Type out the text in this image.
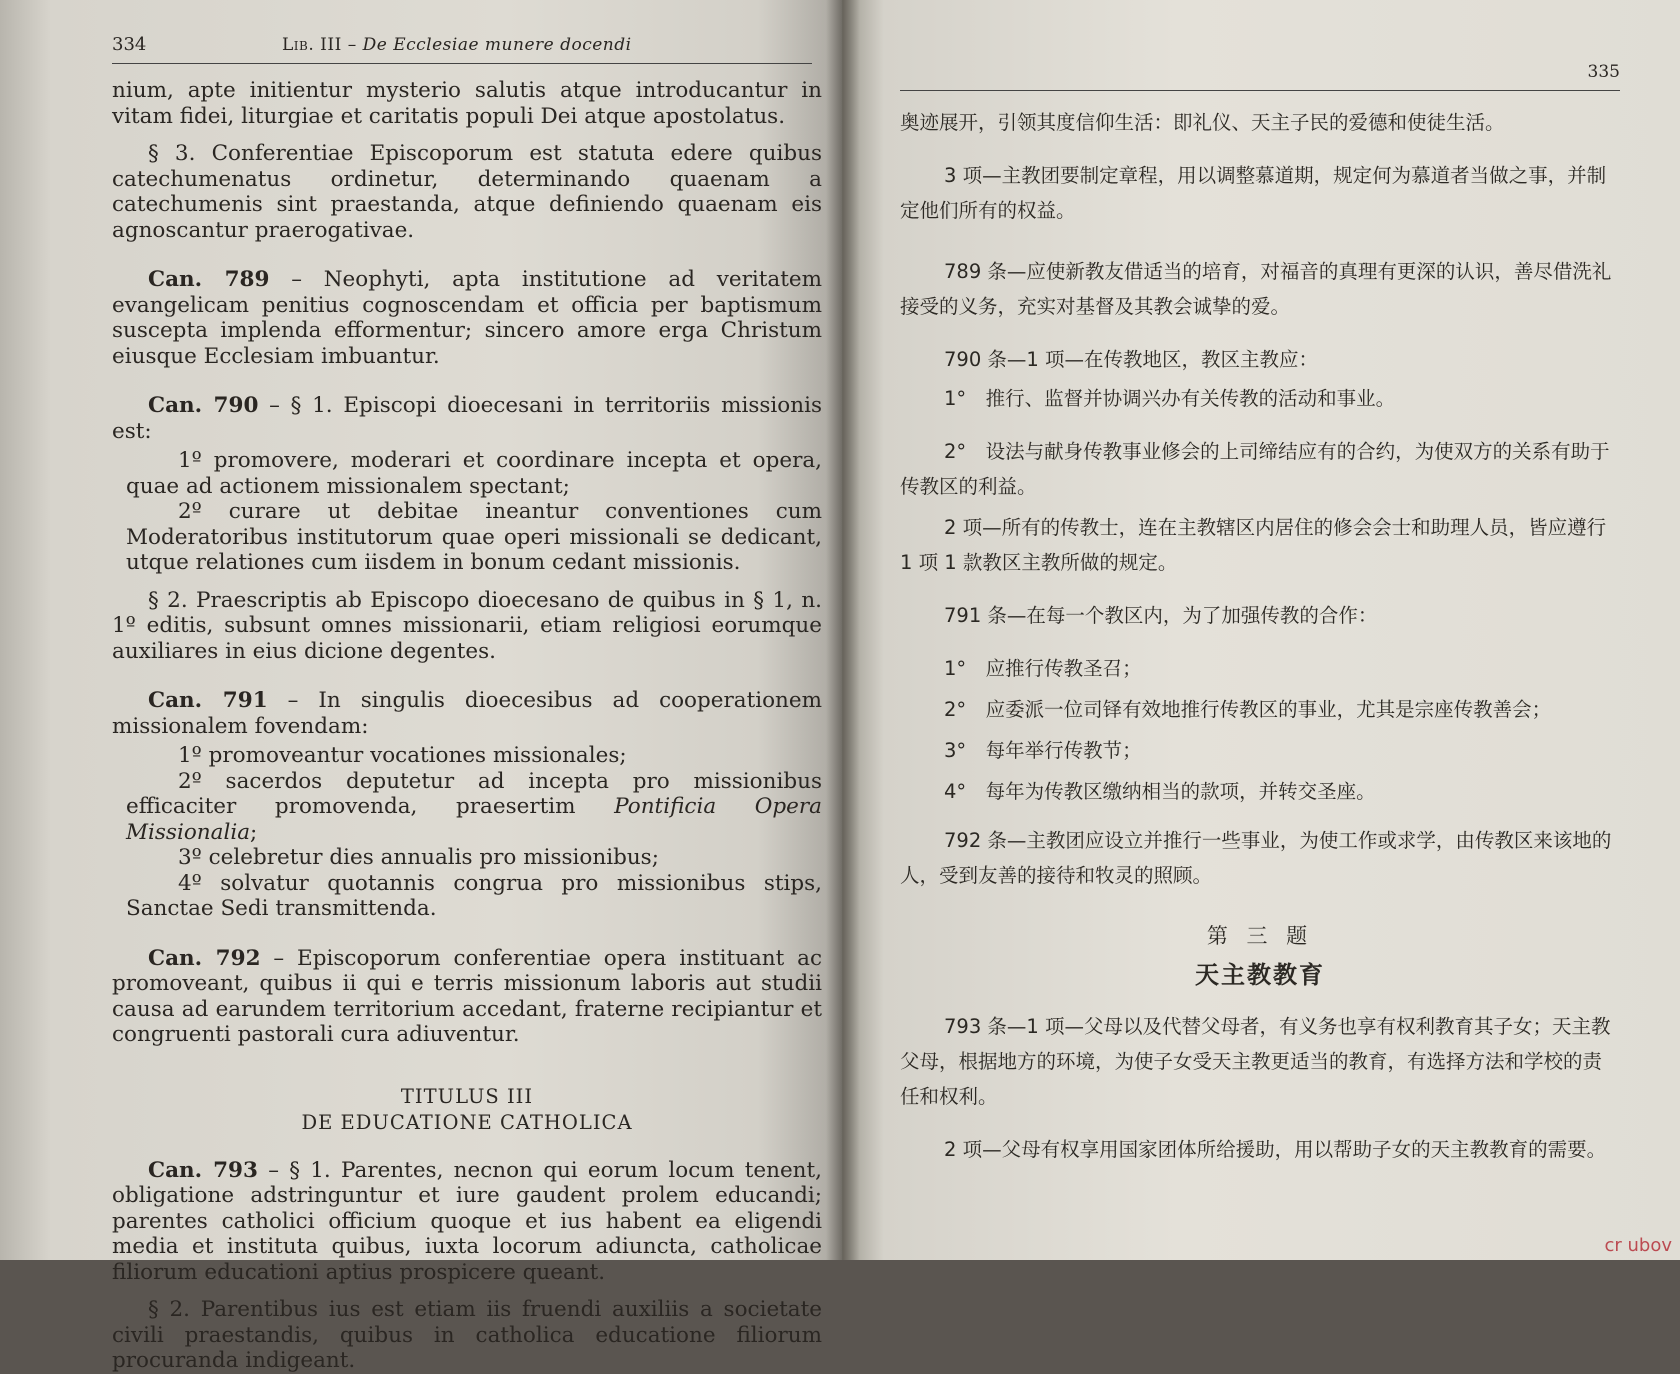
334	Lib. III – De Ecclesiae munere docendi

nium, apte initientur mysterio salutis atque introducantur in vitam fidei, liturgiae et caritatis populi Dei atque apostolatus.

§ 3. Conferentiae Episcoporum est statuta edere quibus catechumenatus ordinetur, determinando quaenam a catechumenis sint praestanda, atque definiendo quaenam eis agnoscantur praerogativae.

Can. 789 – Neophyti, apta institutione ad veritatem evangelicam penitius cognoscendam et officia per baptismum suscepta implenda efformentur; sincero amore erga Christum eiusque Ecclesiam imbuantur.

Can. 790 – § 1. Episcopi dioecesani in territoriis missionis est:

1º promovere, moderari et coordinare incepta et opera, quae ad actionem missionalem spectant;

2º curare ut debitae ineantur conventiones cum Moderatoribus institutorum quae operi missionali se dedicant, utque relationes cum iisdem in bonum cedant missionis.

§ 2. Praescriptis ab Episcopo dioecesano de quibus in § 1, n. 1º editis, subsunt omnes missionarii, etiam religiosi eorumque auxiliares in eius dicione degentes.

Can. 791 – In singulis dioecesibus ad cooperationem missionalem fovendam:

1º promoveantur vocationes missionales;

2º sacerdos deputetur ad incepta pro missionibus efficaciter promovenda, praesertim Pontificia Opera Missionalia;

3º celebretur dies annualis pro missionibus;

4º solvatur quotannis congrua pro missionibus stips, Sanctae Sedi transmittenda.

Can. 792 – Episcoporum conferentiae opera instituant ac promoveant, quibus ii qui e terris missionum laboris aut studii causa ad earundem territorium accedant, fraterne recipiantur et congruenti pastorali cura adiuventur.

TITULUS III
DE EDUCATIONE CATHOLICA

Can. 793 – § 1. Parentes, necnon qui eorum locum tenent, obligatione adstringuntur et iure gaudent prolem educandi; parentes catholici officium quoque et ius habent ea eligendi media et instituta quibus, iuxta locorum adiuncta, catholicae filiorum educationi aptius prospicere queant.

§ 2. Parentibus ius est etiam iis fruendi auxiliis a societate civili praestandis, quibus in catholica educatione filiorum procuranda indigeant.

335

奥迹展开，引领其度信仰生活：即礼仪、天主子民的爱德和使徒生活。

3 项—主教团要制定章程，用以调整慕道期，规定何为慕道者当做之事，并制定他们所有的权益。

789 条—应使新教友借适当的培育，对福音的真理有更深的认识，善尽借洗礼接受的义务，充实对基督及其教会诚挚的爱。

790 条—1 项—在传教地区，教区主教应：

1°　推行、监督并协调兴办有关传教的活动和事业。

2°　设法与献身传教事业修会的上司缔结应有的合约，为使双方的关系有助于传教区的利益。

2 项—所有的传教士，连在主教辖区内居住的修会会士和助理人员，皆应遵行 1 项 1 款教区主教所做的规定。

791 条—在每一个教区内，为了加强传教的合作：

1°　应推行传教圣召；

2°　应委派一位司铎有效地推行传教区的事业，尤其是宗座传教善会；

3°　每年举行传教节；

4°　每年为传教区缴纳相当的款项，并转交圣座。

792 条—主教团应设立并推行一些事业，为使工作或求学，由传教区来该地的人，受到友善的接待和牧灵的照顾。

第 三 题
天主教教育

793 条—1 项—父母以及代替父母者，有义务也享有权利教育其子女；天主教父母，根据地方的环境，为使子女受天主教更适当的教育，有选择方法和学校的责任和权利。

2 项—父母有权享用国家团体所给援助，用以帮助子女的天主教教育的需要。

cr ubov
